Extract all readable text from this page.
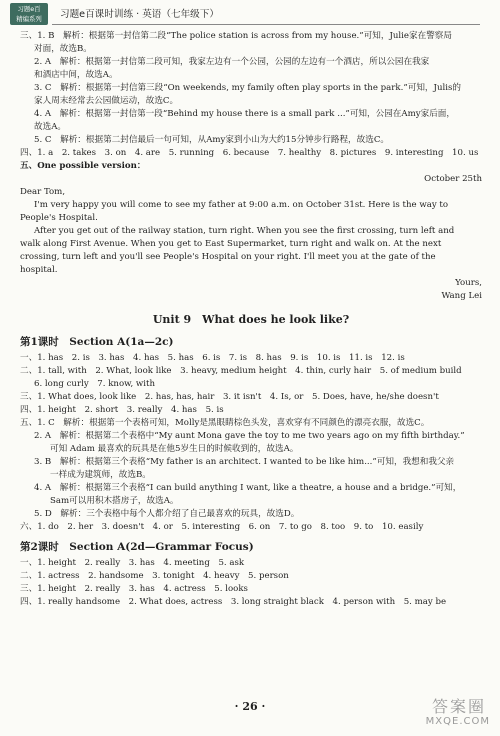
习题e百
精编系列	习题e百课时训练 · 英语（七年级下）

三、1. B　解析：根据第一封信第二段“The police station is across from my house.”可知，Julie家在警察局

对面，故选B。

2. A　解析：根据第一封信第二段可知，我家左边有一个公园，公园的左边有一个酒店，所以公园在我家

和酒店中间，故选A。

3. C　解析：根据第一封信第三段“On weekends, my family often play sports in the park.”可知，Julis的

家人周末经常去公园做运动，故选C。

4. A　解析：根据第一封信第一段“Behind my house there is a small park ...”可知，公园在Amy家后面，

故选A。

5. C　解析：根据第二封信最后一句可知，从Amy家到小山为大约15分钟步行路程，故选C。

四、1. a　2. takes　3. on　4. are　5. running　6. because　7. healthy　8. pictures　9. interesting　10. us

五、One possible version：

October 25th

Dear Tom,

I'm very happy you will come to see my father at 9:00 a.m. on October 31st. Here is the way to

People's Hospital.

After you get out of the railway station, turn right. When you see the first crossing, turn left and

walk along First Avenue. When you get to East Supermarket, turn right and walk on. At the next

crossing, turn left and you'll see People's Hospital on your right. I'll meet you at the gate of the

hospital.

Yours,

Wang Lei

Unit 9　What does he look like?
第1课时　Section A(1a—2c)

一、1. has　2. is　3. has　4. has　5. has　6. is　7. is　8. has　9. is　10. is　11. is　12. is

二、1. tall, with　2. What, look like　3. heavy, medium height　4. thin, curly hair　5. of medium build

6. long curly　7. know, with

三、1. What does, look like　2. has, has, hair　3. it isn't　4. Is, or　5. Does, have, he/she doesn't

四、1. height　2. short　3. really　4. has　5. is

五、1. C　解析：根据第一个表格可知，Molly是黑眼睛棕色头发，喜欢穿有不同颜色的漂亮衣服，故选C。

2. A　解析：根据第二个表格中“My aunt Mona gave the toy to me two years ago on my fifth birthday.”

可知 Adam 最喜欢的玩具是在他5岁生日的时候收到的，故选A。

3. B　解析：根据第三个表格“My father is an architect. I wanted to be like him...”可知，我想和我父亲

一样成为建筑师，故选B。

4. A　解析：根据第三个表格“I can build anything I want, like a theatre, a house and a bridge.”可知，

Sam可以用积木搭房子，故选A。

5. D　解析：三个表格中每个人都介绍了自己最喜欢的玩具，故选D。

六、1. do　2. her　3. doesn't　4. or　5. interesting　6. on　7. to go　8. too　9. to　10. easily

第2课时　Section A(2d—Grammar Focus)

一、1. height　2. really　3. has　4. meeting　5. ask

二、1. actress　2. handsome　3. tonight　4. heavy　5. person

三、1. height　2. really　3. has　4. actress　5. looks

四、1. really handsome　2. What does, actress　3. long straight black　4. person with　5. may be

· 26 ·	答案圈
MXQE.COM
